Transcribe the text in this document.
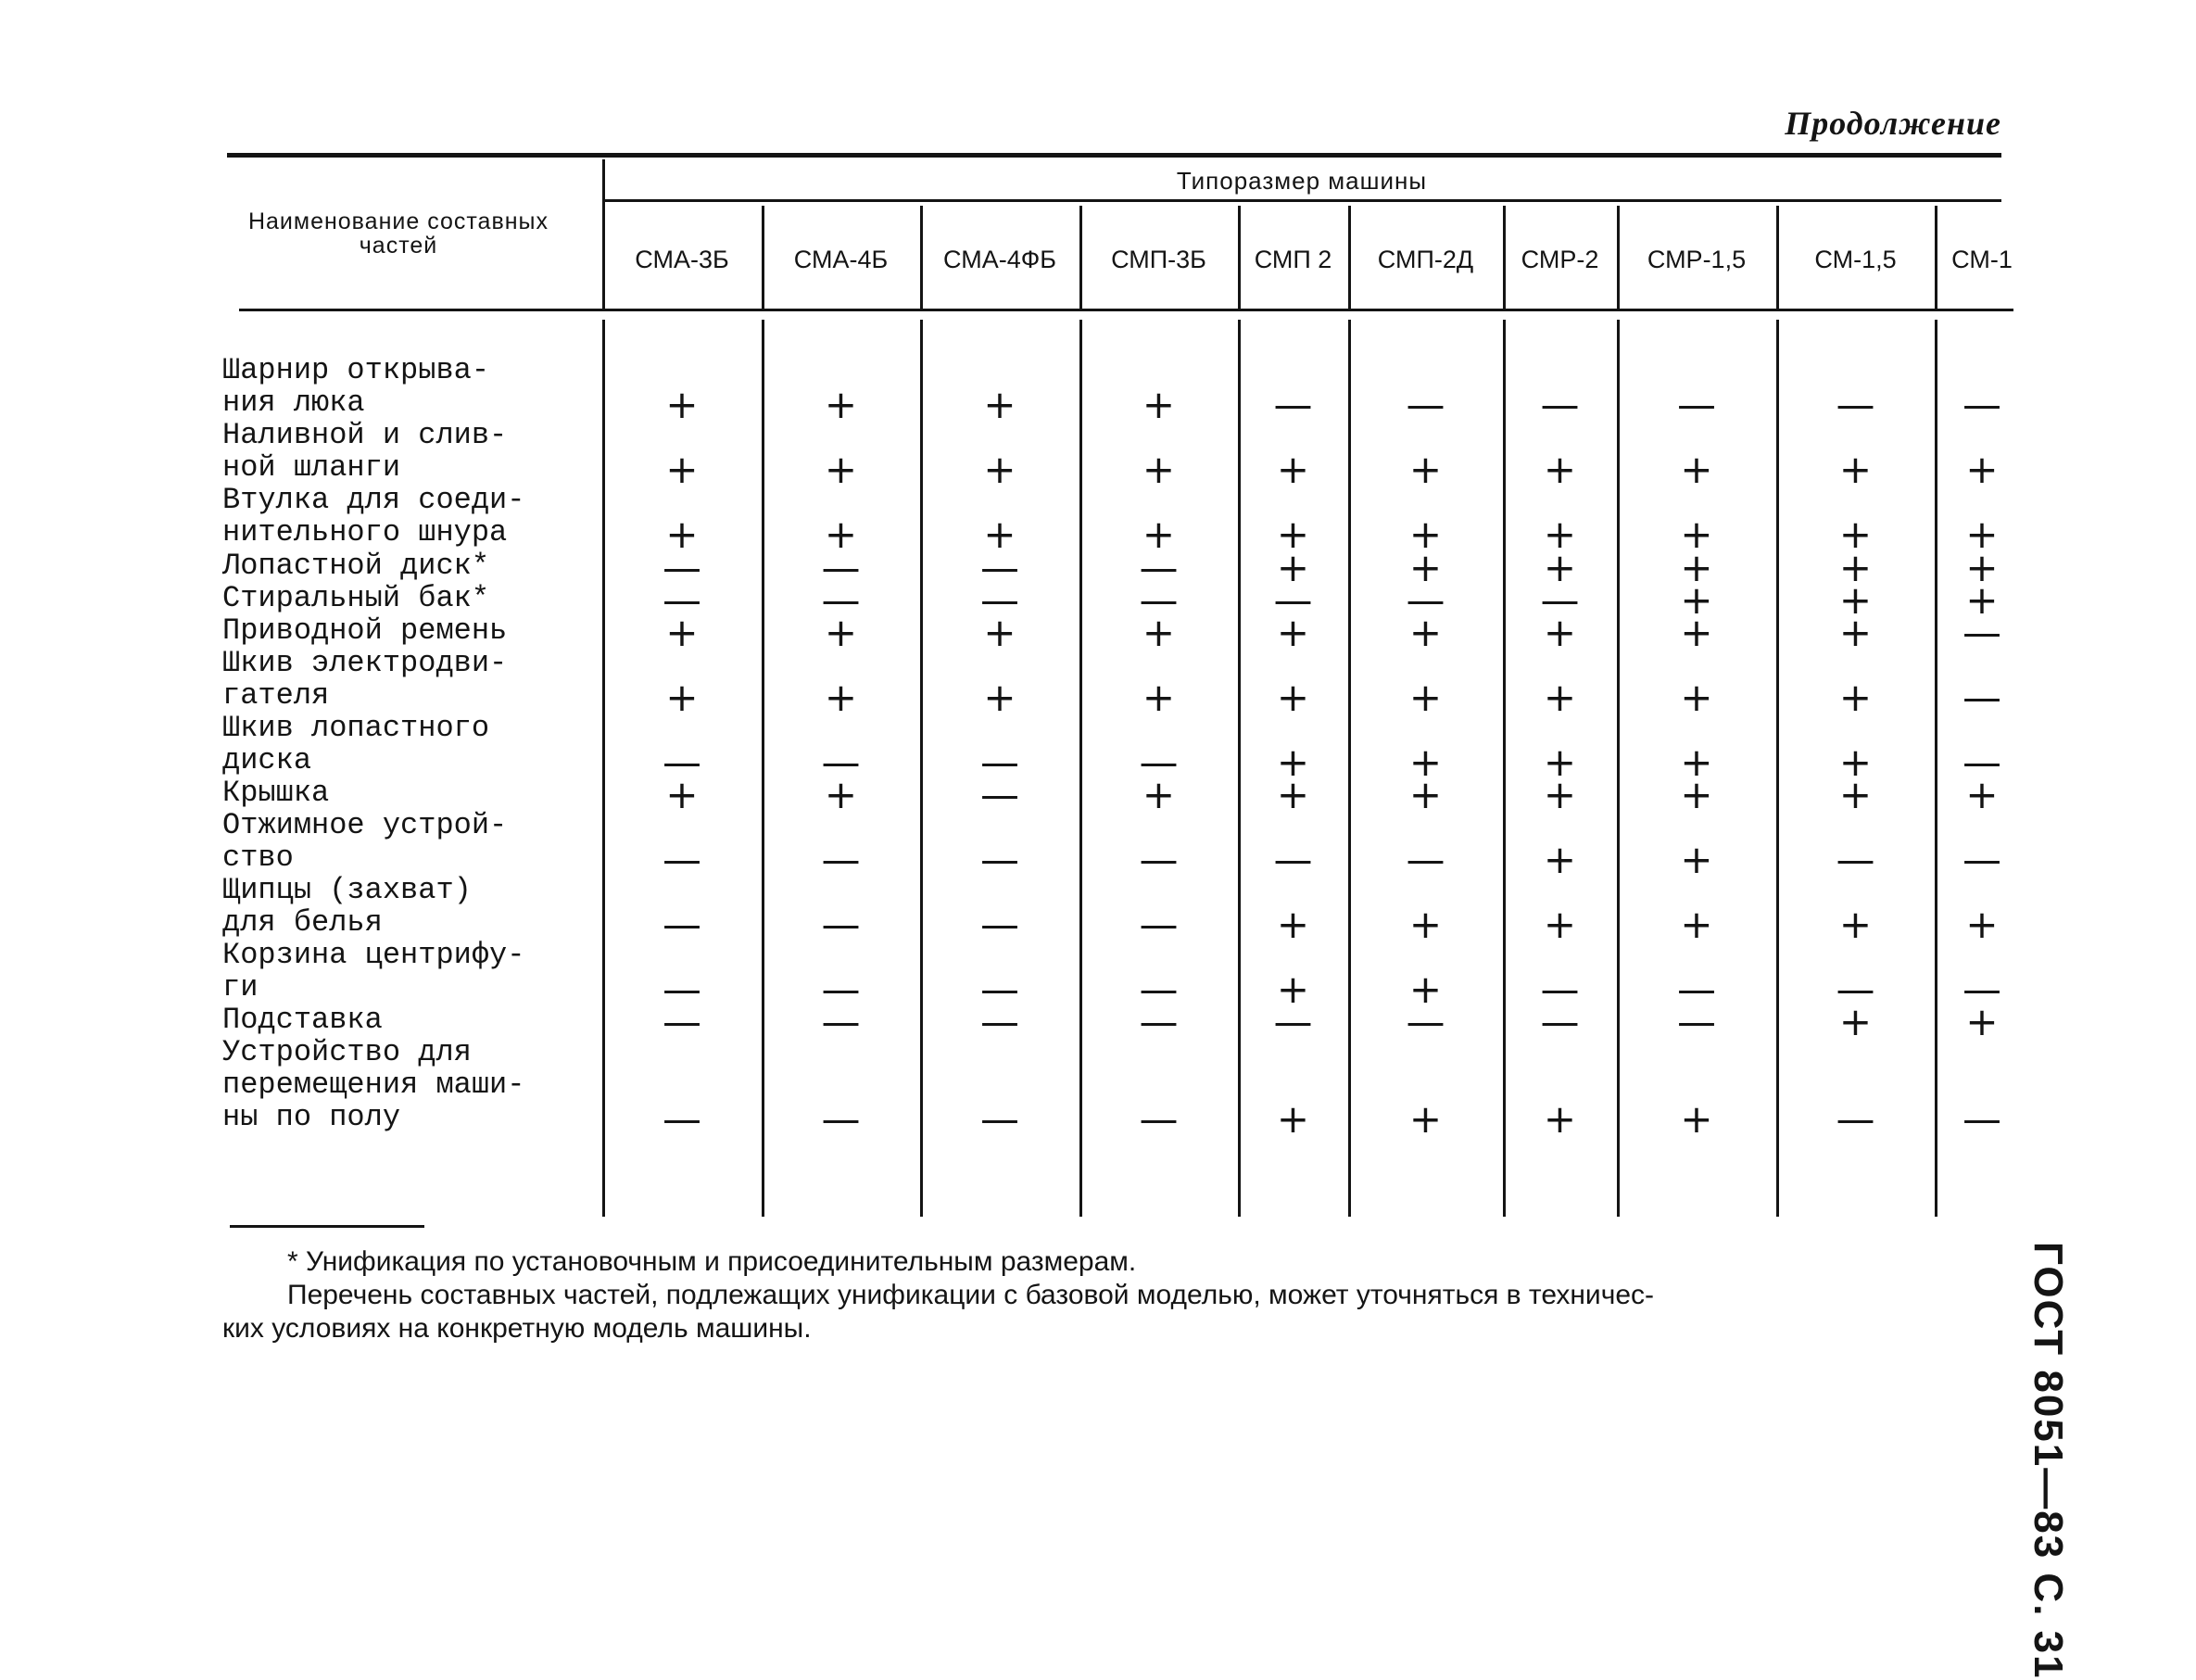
Продолжение
Наименование составных частей
Типоразмер машины
СМА-3Б	СМА-4Б	СМА-4ФБ	СМП-3Б	СМП 2	СМП-2Д	СМР-2	СМР-1,5	СМ-1,5	СМ-1
Шарнир открыва-
ния люка	+	+	+	+	—	—	—	—	—	—
Наливной и слив-
ной шланги	+	+	+	+	+	+	+	+	+	+
Втулка для соеди-
нительного шнура	+	+	+	+	+	+	+	+	+	+
Лопастной диск*	—	—	—	—	+	+	+	+	+	+
Стиральный бак*	—	—	—	—	—	—	—	+	+	+
Приводной ремень	+	+	+	+	+	+	+	+	+	—
Шкив электродви-
гателя	+	+	+	+	+	+	+	+	+	—
Шкив лопастного
диска	—	—	—	—	+	+	+	+	+	—
Крышка	+	+	—	+	+	+	+	+	+	+
Отжимное устрой-
ство	—	—	—	—	—	—	+	+	—	—
Щипцы (захват)
для белья	—	—	—	—	+	+	+	+	+	+
Корзина центрифу-
ги	—	—	—	—	+	+	—	—	—	—
Подставка	—	—	—	—	—	—	—	—	+	+
Устройство для
перемещения маши-
ны по полу	—	—	—	—	+	+	+	+	—	—
* Унификация по установочным и присоединительным размерам.
Перечень составных частей, подлежащих унификации с базовой моделью, может уточняться в техничес-
ких условиях на конкретную модель машины.	ГОСТ 8051—83 С. 31
